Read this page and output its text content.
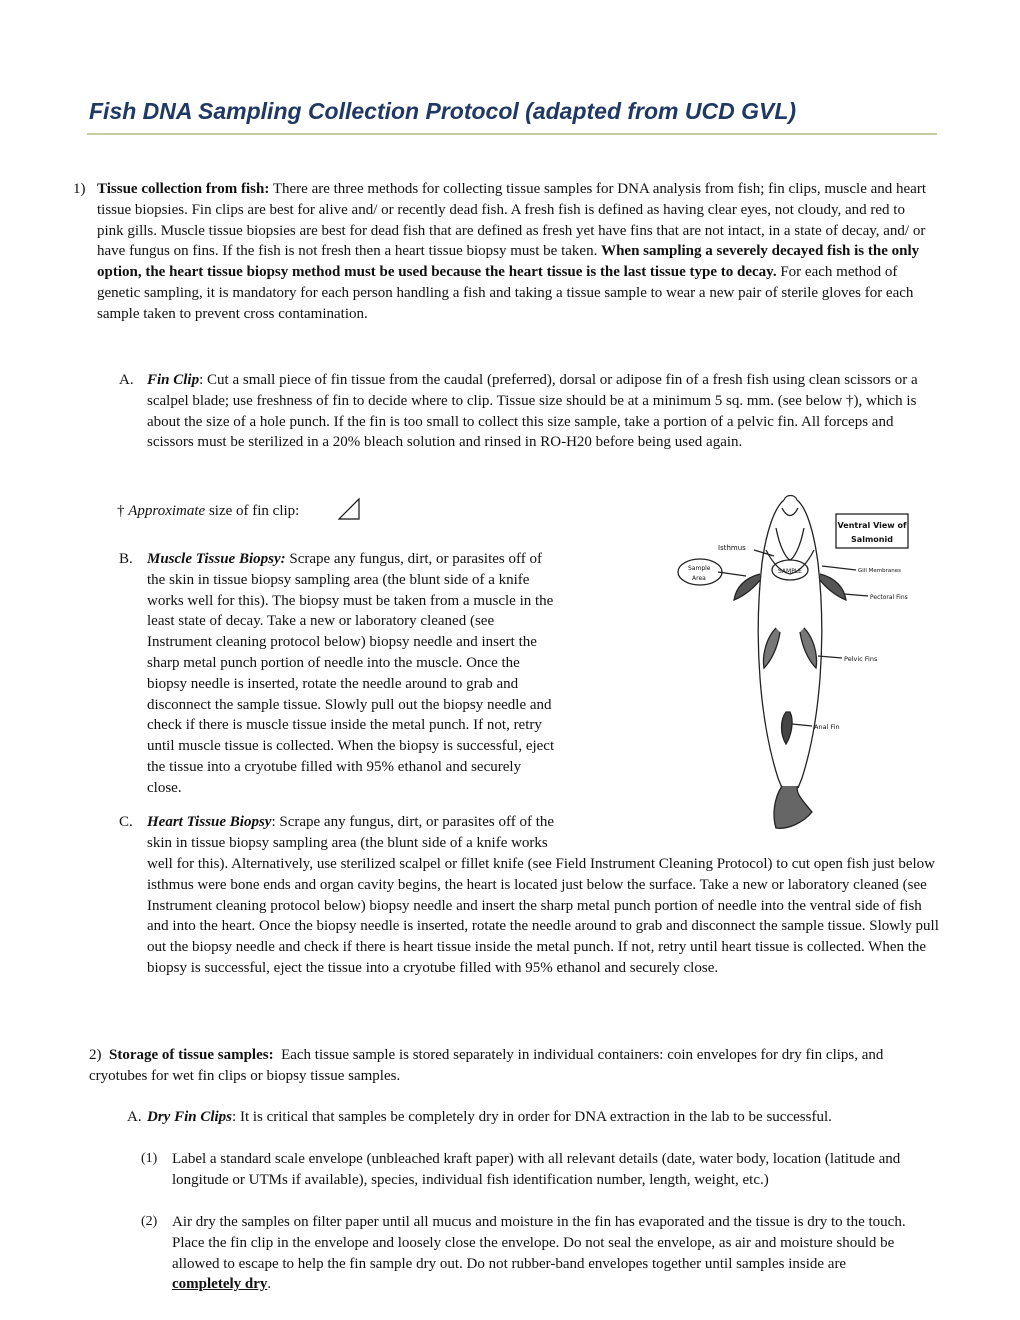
Fish DNA Sampling Collection Protocol (adapted from UCD GVL)
1) Tissue collection from fish: There are three methods for collecting tissue samples for DNA analysis from fish; fin clips, muscle and heart tissue biopsies. Fin clips are best for alive and/ or recently dead fish. A fresh fish is defined as having clear eyes, not cloudy, and red to pink gills. Muscle tissue biopsies are best for dead fish that are defined as fresh yet have fins that are not intact, in a state of decay, and/ or have fungus on fins. If the fish is not fresh then a heart tissue biopsy must be taken. When sampling a severely decayed fish is the only option, the heart tissue biopsy method must be used because the heart tissue is the last tissue type to decay. For each method of genetic sampling, it is mandatory for each person handling a fish and taking a tissue sample to wear a new pair of sterile gloves for each sample taken to prevent cross contamination.

A. Fin Clip: Cut a small piece of fin tissue from the caudal (preferred), dorsal or adipose fin of a fresh fish using clean scissors or a scalpel blade; use freshness of fin to decide where to clip. Tissue size should be at a minimum 5 sq. mm. (see below †), which is about the size of a hole punch. If the fin is too small to collect this size sample, take a portion of a pelvic fin. All forceps and scissors must be sterilized in a 20% bleach solution and rinsed in RO-H20 before being used again.

† Approximate size of fin clip:
B. Muscle Tissue Biopsy: Scrape any fungus, dirt, or parasites off of

the skin in tissue biopsy sampling area (the blunt side of a knife

works well for this). The biopsy must be taken from a muscle in the

least state of decay. Take a new or laboratory cleaned (see

Instrument cleaning protocol below) biopsy needle and insert the

sharp metal punch portion of needle into the muscle. Once the

biopsy needle is inserted, rotate the needle around to grab and

disconnect the sample tissue. Slowly pull out the biopsy needle and

check if there is muscle tissue inside the metal punch. If not, retry

until muscle tissue is collected. When the biopsy is successful, eject

the tissue into a cryotube filled with 95% ethanol and securely

close.

C. Heart Tissue Biopsy: Scrape any fungus, dirt, or parasites off of the

skin in tissue biopsy sampling area (the blunt side of a knife works

well for this). Alternatively, use sterilized scalpel or fillet knife (see Field Instrument Cleaning Protocol) to cut open fish just below isthmus were bone ends and organ cavity begins, the heart is located just below the surface. Take a new or laboratory cleaned (see Instrument cleaning protocol below) biopsy needle and insert the sharp metal punch portion of needle into the ventral side of fish and into the heart. Once the biopsy needle is inserted, rotate the needle around to grab and disconnect the sample tissue. Slowly pull out the biopsy needle and check if there is heart tissue inside the metal punch. If not, retry until heart tissue is collected. When the biopsy is successful, eject the tissue into a cryotube filled with 95% ethanol and securely close.

2) Storage of tissue samples: Each tissue sample is stored separately in individual containers: coin envelopes for dry fin clips, and cryotubes for wet fin clips or biopsy tissue samples.

A. Dry Fin Clips: It is critical that samples be completely dry in order for DNA extraction in the lab to be successful.

(1) Label a standard scale envelope (unbleached kraft paper) with all relevant details (date, water body, location (latitude and longitude or UTMs if available), species, individual fish identification number, length, weight, etc.)
(2) Air dry the samples on filter paper until all mucus and moisture in the fin has evaporated and the tissue is dry to the touch. Place the fin clip in the envelope and loosely close the envelope. Do not seal the envelope, as air and moisture should be allowed to escape to help the fin sample dry out. Do not rubber-band envelopes together until samples inside are completely dry.

Ventral View of
Salmonid
Isthmus
Gill Membranes
Sample
Area
SAMPLE
Pectoral Fins
Pelvic Fins
Anal Fin
